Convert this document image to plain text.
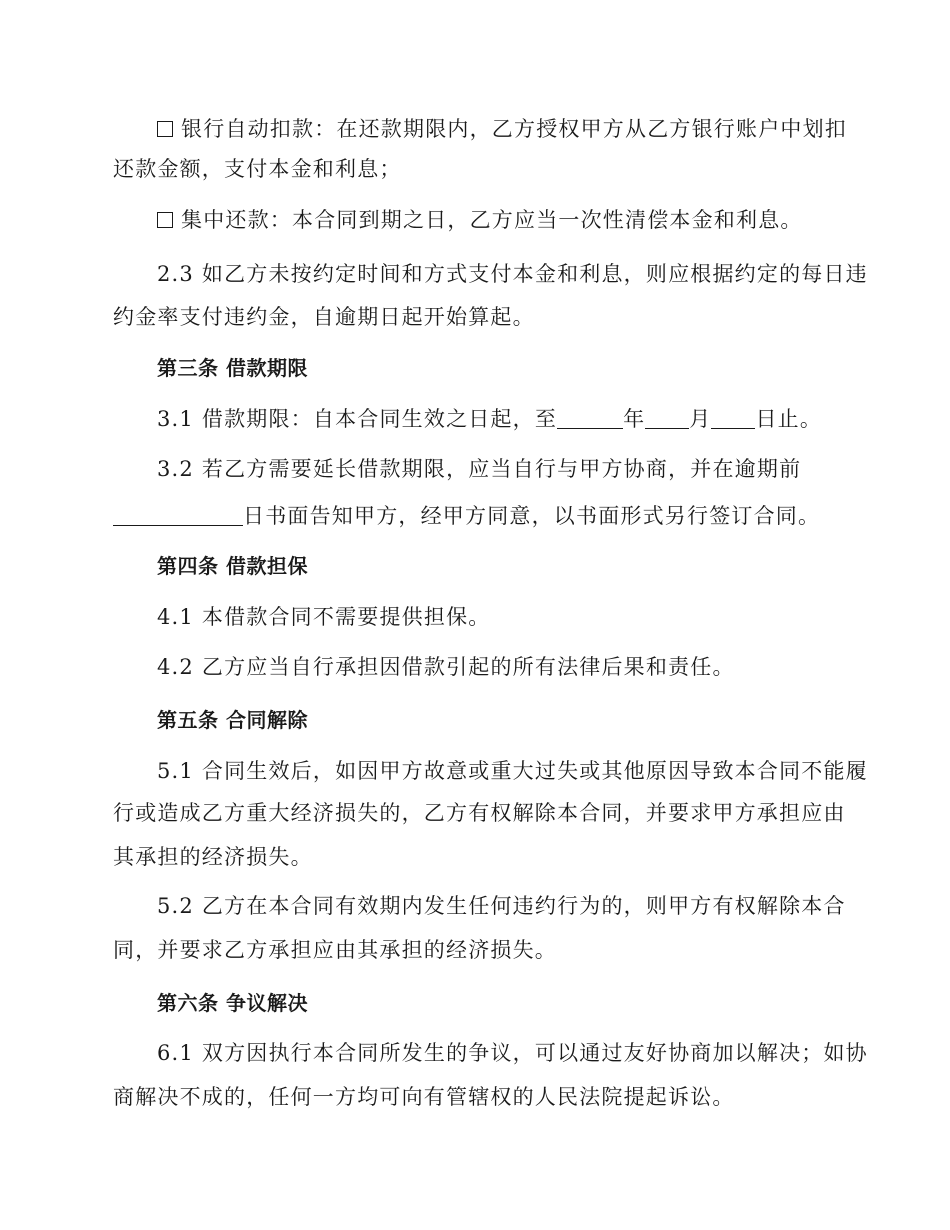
银行自动扣款：在还款期限内，乙方授权甲方从乙方银行账户中划扣
还款金额，支付本金和利息；
集中还款：本合同到期之日，乙方应当一次性清偿本金和利息。
2.3 如乙方未按约定时间和方式支付本金和利息，则应根据约定的每日违
约金率支付违约金，自逾期日起开始算起。
第三条 借款期限
3.1 借款期限：自本合同生效之日起，至	年 月 日止。
3.2 若乙方需要延长借款期限，应当自行与甲方协商，并在逾期前
日书面告知甲方，经甲方同意，以书面形式另行签订合同。
第四条 借款担保
4.1 本借款合同不需要提供担保。
4.2 乙方应当自行承担因借款引起的所有法律后果和责任。
第五条 合同解除
5.1 合同生效后，如因甲方故意或重大过失或其他原因导致本合同不能履
行或造成乙方重大经济损失的，乙方有权解除本合同，并要求甲方承担应由
其承担的经济损失。
5.2 乙方在本合同有效期内发生任何违约行为的，则甲方有权解除本合
同，并要求乙方承担应由其承担的经济损失。
第六条 争议解决
6.1 双方因执行本合同所发生的争议，可以通过友好协商加以解决；如协
商解决不成的，任何一方均可向有管辖权的人民法院提起诉讼。
